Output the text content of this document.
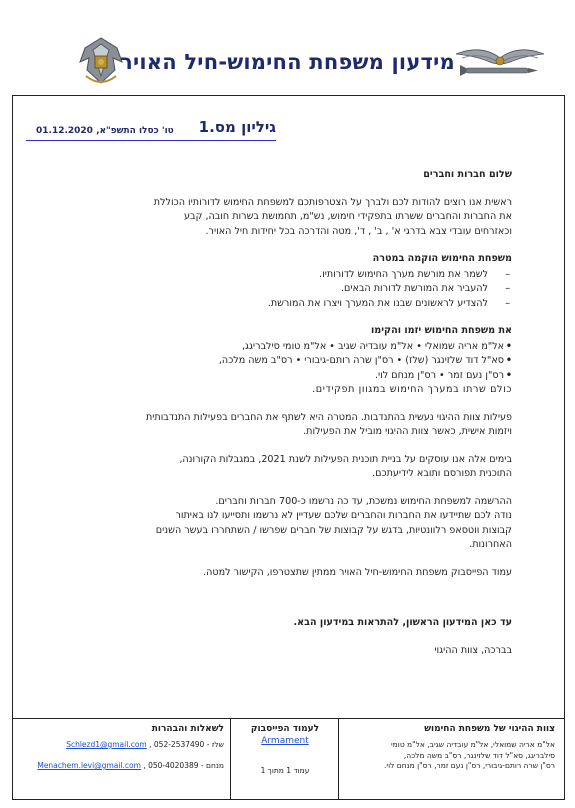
מידעון משפחת החימוש-חיל האויר
גיליון מס.1
טו' כסלו התשפ"א, 01.12.2020

שלום חברות וחברים

ראשית אנו רוצים להודות לכם ולברך על הצטרפותכם למשפחת החימוש לדורותיו הכוללת

את החברות והחברים ששרתו בתפקידי חימוש, נש"מ, תחמושת בשרות חובה, קבע

וכאזרחים עובדי צבא בדרגי א' , ב' , ד', מטה והדרכה בכל יחידות חיל האויר.

משפחת החימוש הוקמה במטרה

– לשמר את מורשת מערך החימוש לדורותיו.
– להעביר את המורשת לדורות הבאים.
– להצדיע לראשונים שבנו את המערך ויצרו את המורשת.

את משפחת החימוש יזמו והקימו

• אל"מ אריה שמואלי • אל"מ עובדיה שגיב • אל"מ טומי סילבריגג,
• סא"ל דוד שלזינגר (שלז) • רס"ן שרה רותם-גיבורי • רס"ב משה מלכה,
• רס"ן נעם זמר • רס"ן מנחם לוי.

כולם שרתו במערך החימוש במגוון תפקידים.

פעילות צוות ההיגוי נעשית בהתנדבות. המטרה היא לשתף את החברים בפעילות התנדבותית

ויזמות אישית, כאשר צוות ההיגוי מוביל את הפעילות.

בימים אלה אנו עוסקים על בניית תוכנית הפעילות לשנת 2021, במגבלות הקורונה,

התוכנית תפורסם ותובא לידיעתכם.

ההרשמה למשפחת החימוש נמשכת, עד כה נרשמו כ-700 חברות וחברים.

נודה לכם שתיידעו את החברות והחברים שלכם שעדיין לא נרשמו ותסייעו לנו באיתור

קבוצות ווטסאפ רלוונטיות, בדגש על קבוצות של חברים שפרשו / השתחררו בעשר השנים

האחרונות.

עמוד הפייסבוק משפחת החימוש-חיל האויר ממתין שתצטרפו, הקישור למטה.

עד כאן המידעון הראשון, להתראות במידעון הבא.

בברכה, צוות ההיגוי

צוות ההיגוי של משפחת החימוש
אל"מ אריה שמואלי, אל"מ עובדיה שגיב, אל"מ טומי
סילבריגג, סא"ל דוד שלזינגר, רס"ב משה מלכה,
רס"ן שרה רותם-גיבורי, רס"ן נעם זמר, רס"ן מנחם לוי.
לעמוד הפייסבוק
Armament
עמוד 1 מתוך 1
לשאלות והבהרות
שלז - 052-2537490 , Schlezd1@gmail.com
מנחם - 050-4020389 , Menachem.levi@gmail.com
